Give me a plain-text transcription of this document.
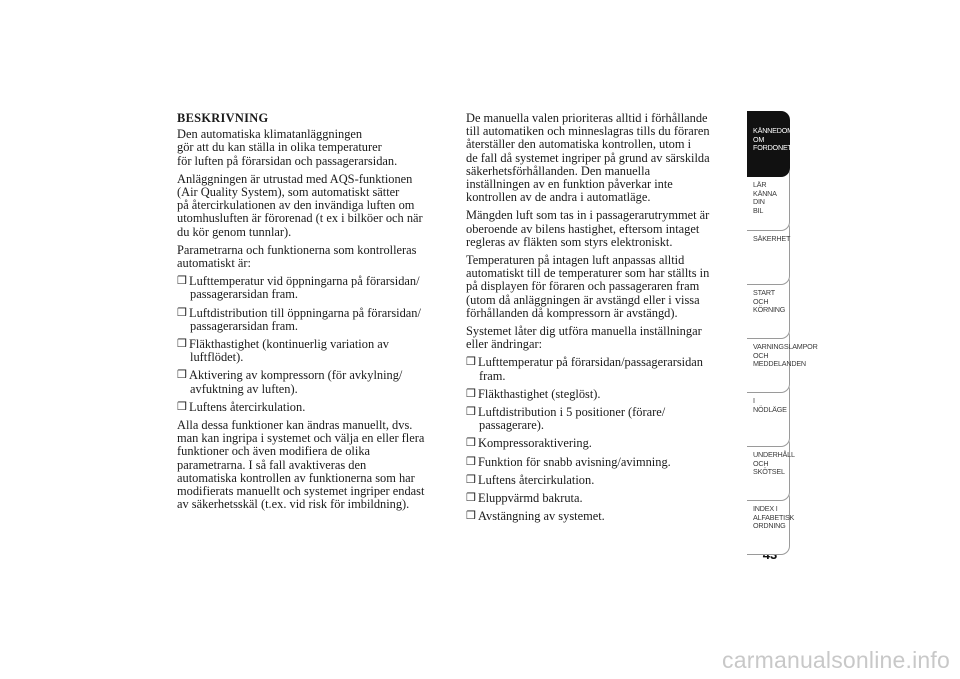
BESKRIVNING
Den automatiska klimatanläggningen
gör att du kan ställa in olika temperaturer
för luften på förarsidan och passagerarsidan.
Anläggningen är utrustad med AQS-funktionen
(Air Quality System), som automatiskt sätter
på återcirkulationen av den invändiga luften om
utomhusluften är förorenad (t ex i bilköer och när
du kör genom tunnlar).
Parametrarna och funktionerna som kontrolleras
automatiskt är:
❒ Lufttemperatur vid öppningarna på förarsidan/
passagerarsidan fram.
❒ Luftdistribution till öppningarna på förarsidan/
passagerarsidan fram.
❒ Fläkthastighet (kontinuerlig variation av
luftflödet).
❒ Aktivering av kompressorn (för avkylning/
avfuktning av luften).
❒ Luftens återcirkulation.
Alla dessa funktioner kan ändras manuellt, dvs.
man kan ingripa i systemet och välja en eller flera
funktioner och även modifiera de olika
parametrarna. I så fall avaktiveras den
automatiska kontrollen av funktionerna som har
modifierats manuellt och systemet ingriper endast
av säkerhetsskäl (t.ex. vid risk för imbildning).
De manuella valen prioriteras alltid i förhållande
till automatiken och minneslagras tills du föraren
återställer den automatiska kontrollen, utom i
de fall då systemet ingriper på grund av särskilda
säkerhetsförhållanden. Den manuella
inställningen av en funktion påverkar inte
kontrollen av de andra i automatläge.
Mängden luft som tas in i passagerarutrymmet är
oberoende av bilens hastighet, eftersom intaget
regleras av fläkten som styrs elektroniskt.
Temperaturen på intagen luft anpassas alltid
automatiskt till de temperaturer som har ställts in
på displayen för föraren och passageraren fram
(utom då anläggningen är avstängd eller i vissa
förhållanden då kompressorn är avstängd).
Systemet låter dig utföra manuella inställningar
eller ändringar:
❒ Lufttemperatur på förarsidan/passagerarsidan
fram.
❒ Fläkthastighet (steglöst).
❒ Luftdistribution i 5 positioner (förare/
passagerare).
❒ Kompressoraktivering.
❒ Funktion för snabb avisning/avimning.
❒ Luftens återcirkulation.
❒ Eluppvärmd bakruta.
❒ Avstängning av systemet.
KÄNNEDOM OM
FORDONET
LÄR KÄNNA DIN
BIL
SÄKERHET
START OCH
KÖRNING
VARNINGSLAMPOR
OCH
MEDDELANDEN
I NÖDLÄGE
UNDERHÅLL OCH
SKÖTSEL
INDEX I
ALFABETISK
ORDNING
carmanualsonline.info
